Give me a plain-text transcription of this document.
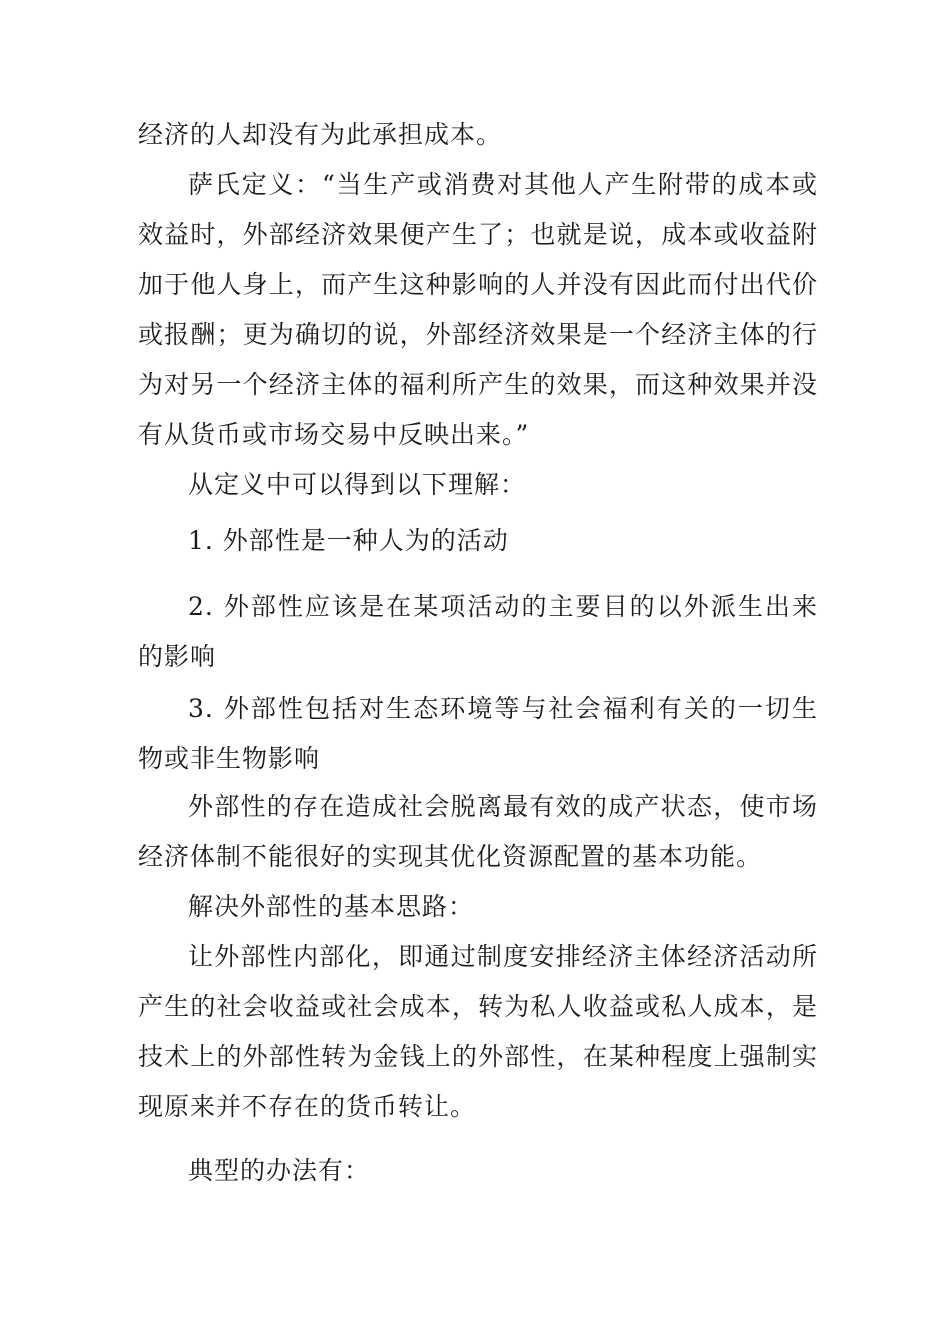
经济的人却没有为此承担成本。

萨氏定义：“当生产或消费对其他人产生附带的成本或效益时，外部经济效果便产生了；也就是说，成本或收益附加于他人身上，而产生这种影响的人并没有因此而付出代价或报酬；更为确切的说，外部经济效果是一个经济主体的行为对另一个经济主体的福利所产生的效果，而这种效果并没有从货币或市场交易中反映出来。”

从定义中可以得到以下理解：

1. 外部性是一种人为的活动

2. 外部性应该是在某项活动的主要目的以外派生出来的影响

3. 外部性包括对生态环境等与社会福利有关的一切生物或非生物影响

外部性的存在造成社会脱离最有效的成产状态，使市场经济体制不能很好的实现其优化资源配置的基本功能。

解决外部性的基本思路：

让外部性内部化，即通过制度安排经济主体经济活动所产生的社会收益或社会成本，转为私人收益或私人成本，是技术上的外部性转为金钱上的外部性，在某种程度上强制实现原来并不存在的货币转让。

典型的办法有：
